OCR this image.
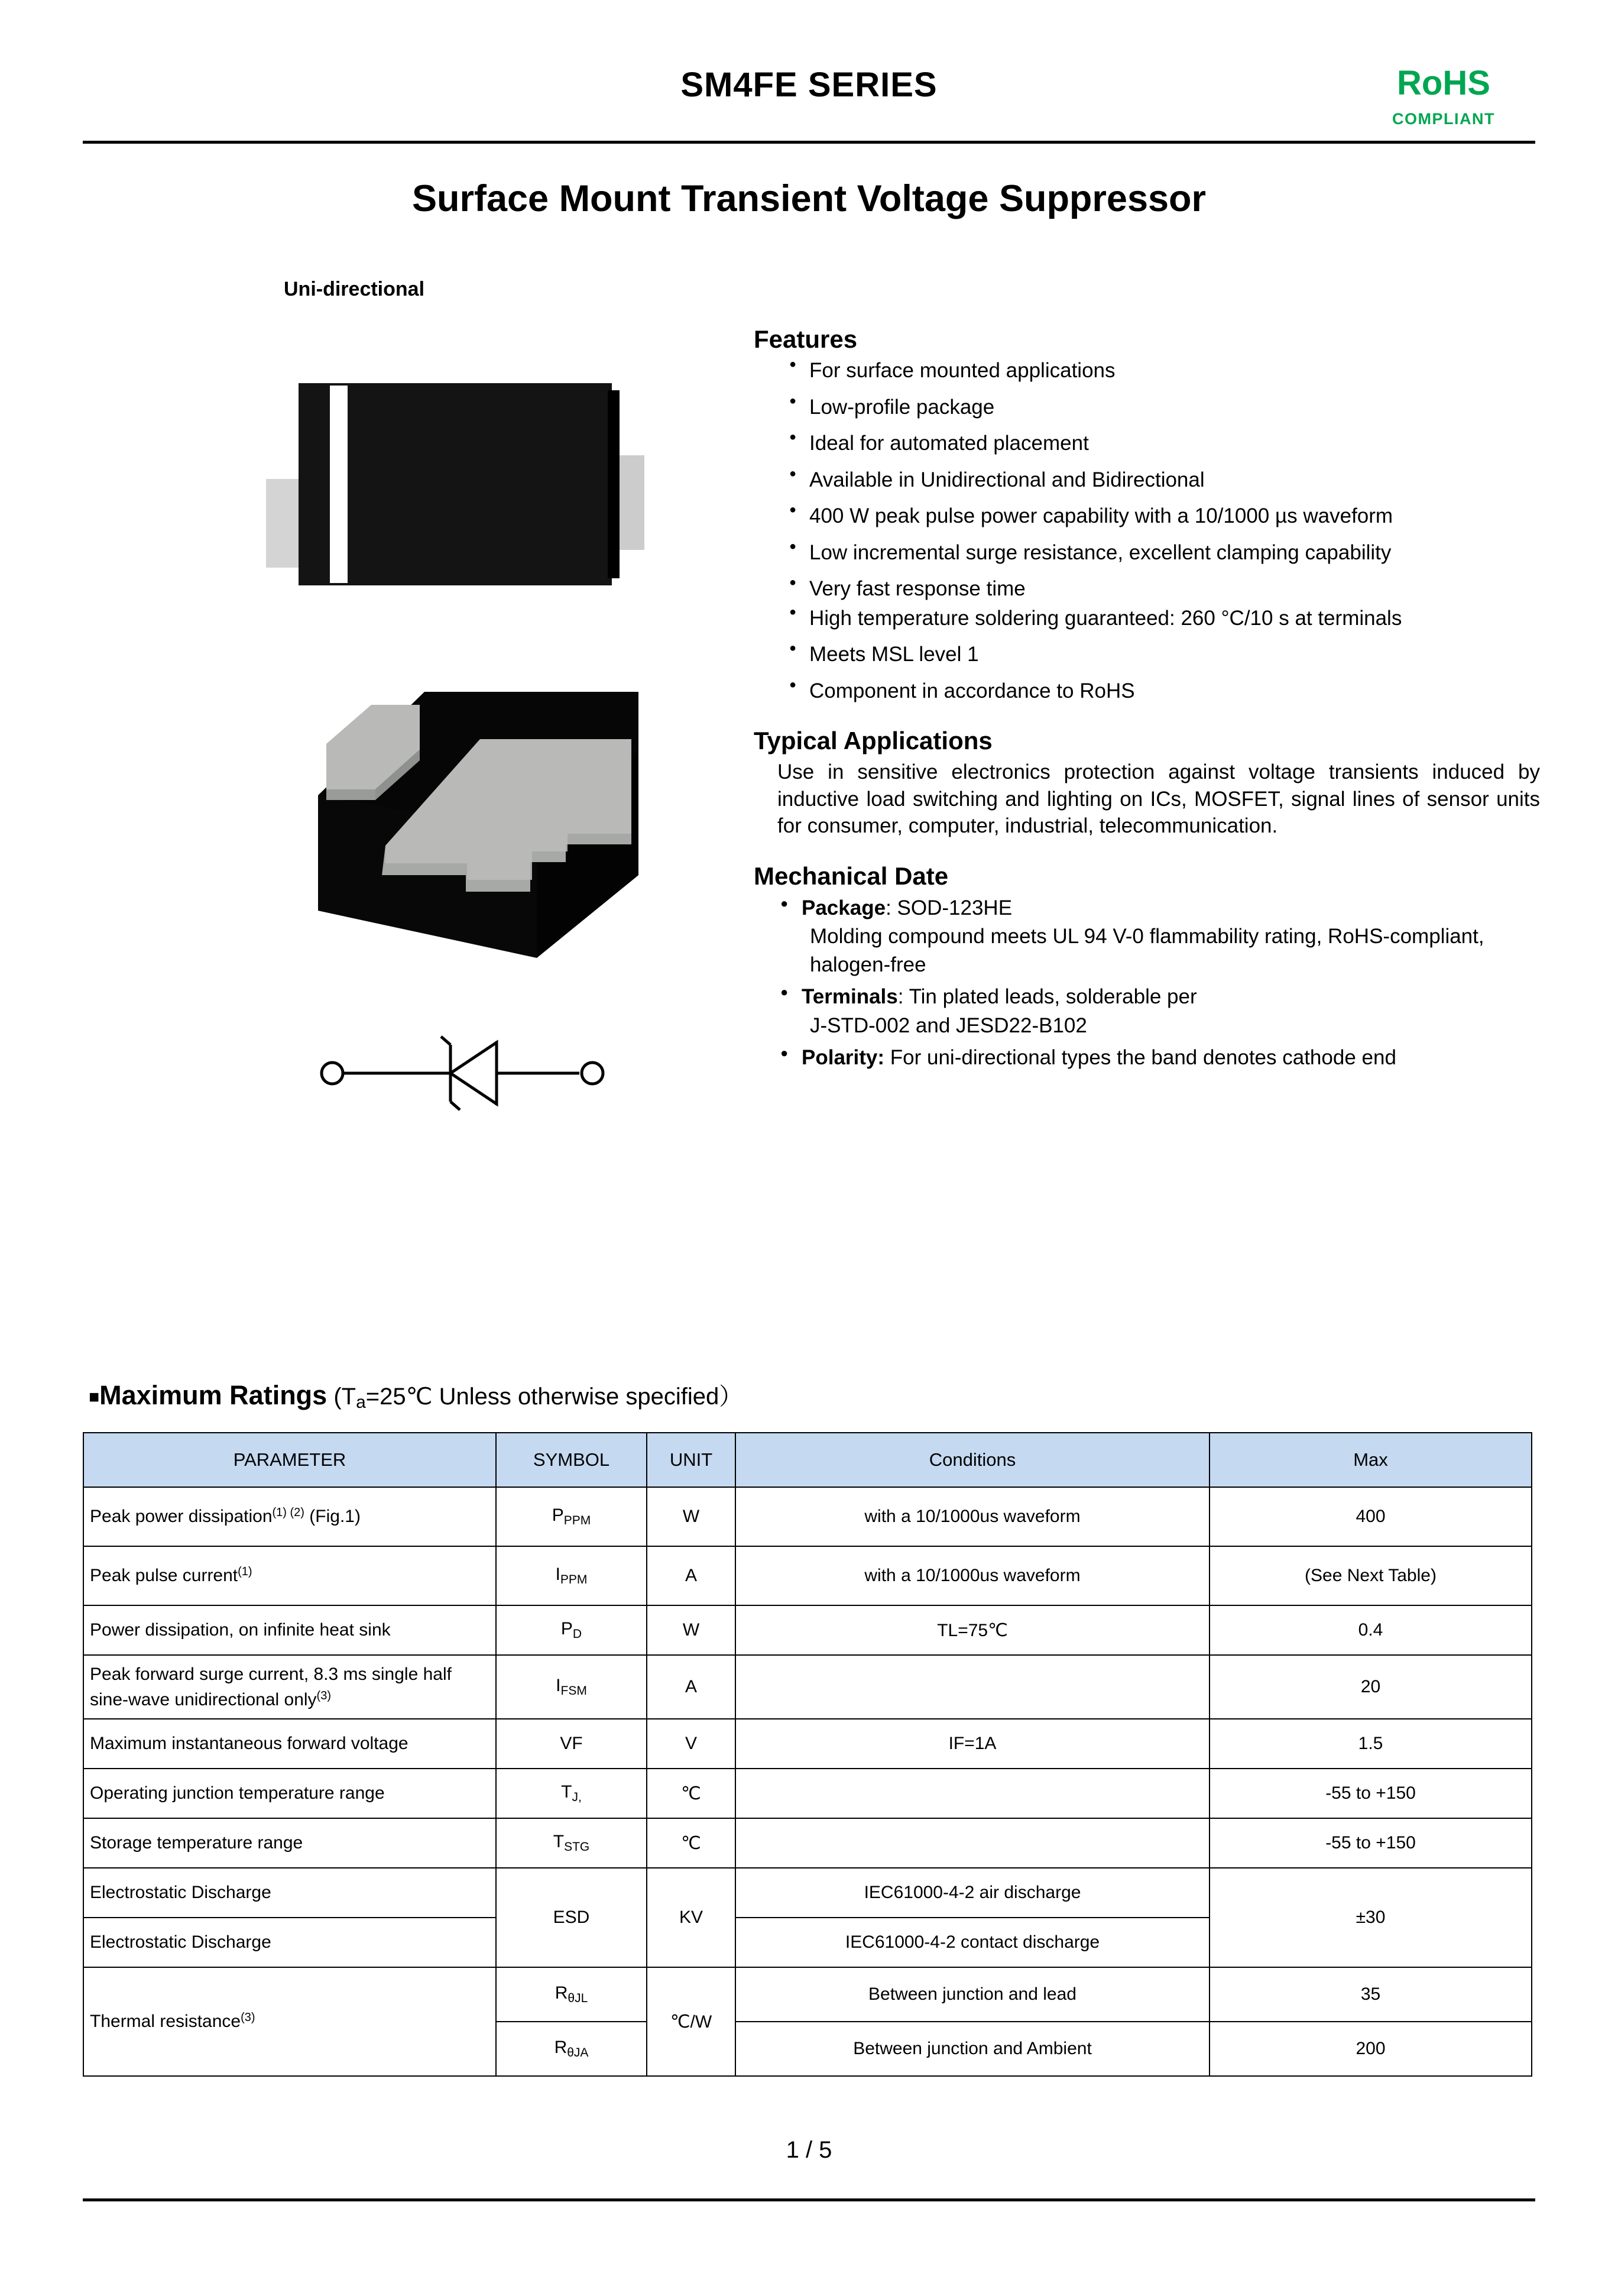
SM4FE SERIES	RoHS
COMPLIANT
Surface Mount Transient Voltage Suppressor
Uni-directional
Features
● For surface mounted applications
● Low-profile package
● Ideal for automated placement
● Available in Unidirectional and Bidirectional
● 400 W peak pulse power capability with a 10/1000 µs waveform
● Low incremental surge resistance, excellent clamping capability
● Very fast response time
● High temperature soldering guaranteed: 260 °C/10 s at terminals
● Meets MSL level 1
● Component in accordance to RoHS
Typical Applications
Use in sensitive electronics protection against voltage transients induced by inductive load switching and lighting on ICs, MOSFET, signal lines of sensor units for consumer, computer, industrial, telecommunication.
Mechanical Date
● Package: SOD-123HE
Molding compound meets UL 94 V-0 flammability rating, RoHS-compliant, halogen-free
● Terminals: Tin plated leads, solderable per
J-STD-002 and JESD22-B102
● Polarity: For uni-directional types the band denotes cathode end
■Maximum Ratings ($T_a=25℃$ Unless otherwise specified）
PARAMETER	SYMBOL	UNIT	Conditions	Max
Peak power dissipation$^{(1) (2)}$ (Fig.1)	$P_{PPM}$	W	with a 10/1000us waveform	400
Peak pulse current$^{(1)}$	$I_{PPM}$	A	with a 10/1000us waveform	(See Next Table)
Power dissipation, on infinite heat sink	$P_D$	W	TL=75℃	0.4
Peak forward surge current, 8.3 ms single half sine-wave unidirectional only$^{(3)}$	$I_{FSM}$	A		20
Maximum instantaneous forward voltage	VF	V	IF=1A	1.5
Operating junction temperature range	$T_{J,}$	℃		-55 to +150
Storage temperature range	$T_{STG}$	℃		-55 to +150
Electrostatic Discharge	ESD	KV	IEC61000-4-2 air discharge	±30
Electrostatic Discharge			IEC61000-4-2 contact discharge	
Thermal resistance$^{(3)}$	$R_{\theta JL}$	℃/W	Between junction and lead	35
	$R_{\theta JA}$		Between junction and Ambient	200
1 / 5
